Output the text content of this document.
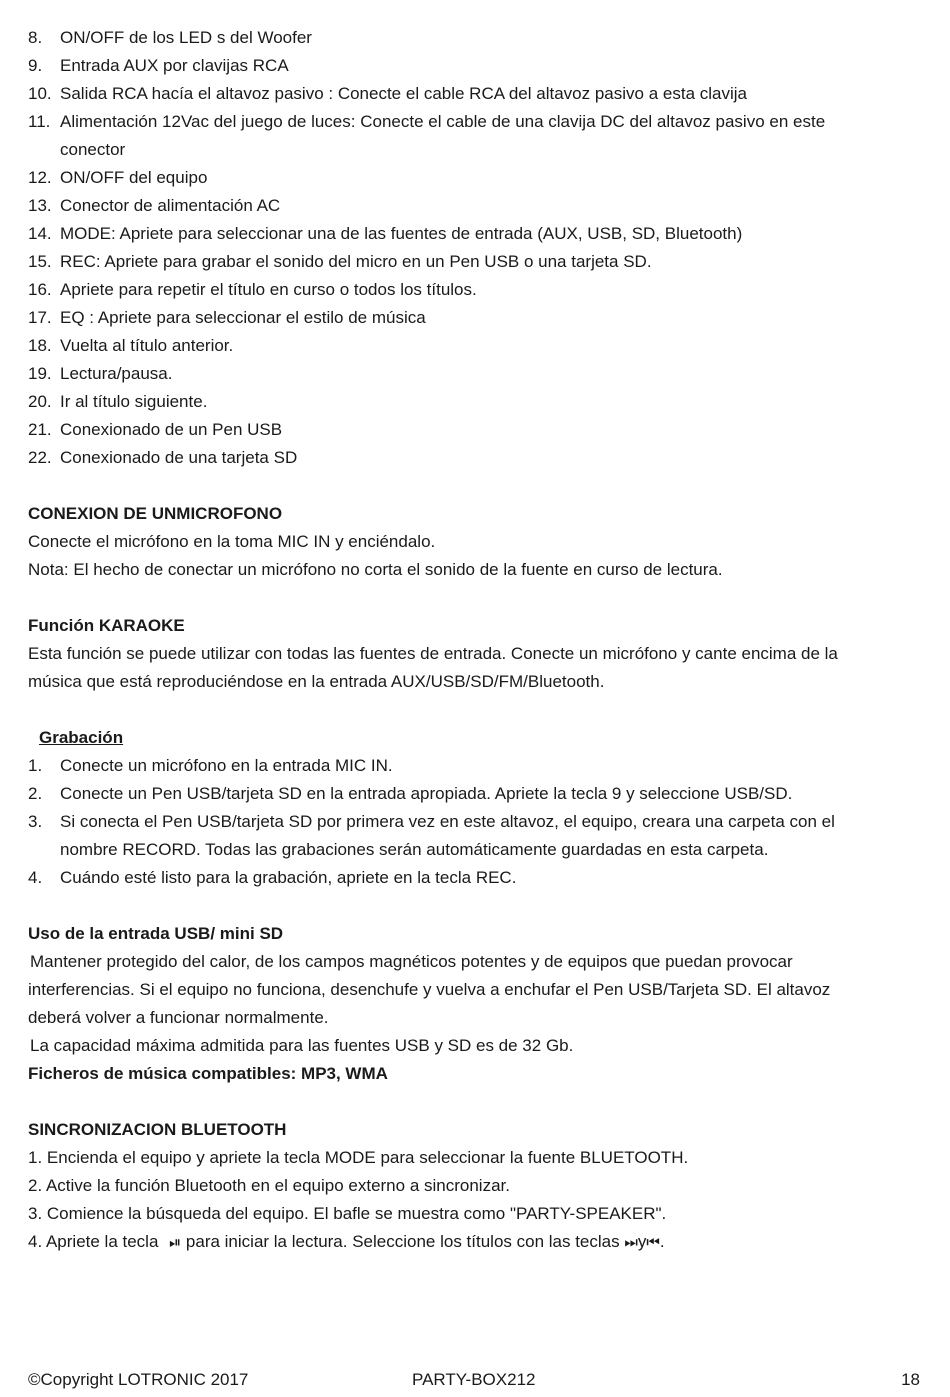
8.	ON/OFF de los LED s del Woofer
9.	Entrada AUX por clavijas RCA
10. Salida RCA hacía el altavoz pasivo : Conecte el cable RCA del altavoz pasivo a esta clavija
11. Alimentación 12Vac del juego de luces: Conecte el cable de una clavija DC del altavoz pasivo en este
conector
12. ON/OFF del equipo
13. Conector de alimentación AC
14. MODE: Apriete para seleccionar una de las fuentes de entrada (AUX, USB, SD, Bluetooth)
15. REC: Apriete para grabar el sonido del micro en un Pen USB o una tarjeta SD.
16. Apriete para repetir el título en curso o todos los títulos.
17. EQ : Apriete para seleccionar el estilo de música
18. Vuelta al título anterior.
19. Lectura/pausa.
20. Ir al título siguiente.
21. Conexionado de un Pen USB
22. Conexionado de una tarjeta SD
CONEXION DE UNMICROFONO
Conecte el micrófono en la toma MIC IN y enciéndalo.
Nota: El hecho de conectar un micrófono no corta el sonido de la fuente en curso de lectura.
Función KARAOKE
Esta función se puede utilizar con todas las fuentes de entrada. Conecte un micrófono y cante encima de la
música que está reproduciéndose en la entrada AUX/USB/SD/FM/Bluetooth.
Grabación
1.	Conecte un micrófono en la entrada MIC IN.
2.	Conecte un Pen USB/tarjeta SD en la entrada apropiada. Apriete la tecla 9 y seleccione USB/SD.
3.	Si conecta el Pen USB/tarjeta SD por primera vez en este altavoz, el equipo, creara una carpeta con el
nombre RECORD. Todas las grabaciones serán automáticamente guardadas en esta carpeta.
4.	Cuándo esté listo para la grabación, apriete en la tecla REC.
Uso de la entrada USB/ mini SD
Mantener protegido del calor, de los campos magnéticos potentes y de equipos que puedan provocar
interferencias. Si el equipo no funciona, desenchufe y vuelva a enchufar el Pen USB/Tarjeta SD. El altavoz
deberá volver a funcionar normalmente.
La capacidad máxima admitida para las fuentes USB y SD es de 32 Gb.
Ficheros de música compatibles: MP3, WMA
SINCRONIZACION BLUETOOTH
1. Encienda el equipo y apriete la tecla MODE para seleccionar la fuente BLUETOOTH.
2. Active la función Bluetooth en el equipo externo a sincronizar.
3. Comience la búsqueda del equipo. El bafle se muestra como "PARTY-SPEAKER".
4. Apriete la tecla ⏯ para iniciar la lectura. Seleccione los títulos con las teclas ⏭y⏮.
©Copyright LOTRONIC 2017	PARTY-BOX212	18
